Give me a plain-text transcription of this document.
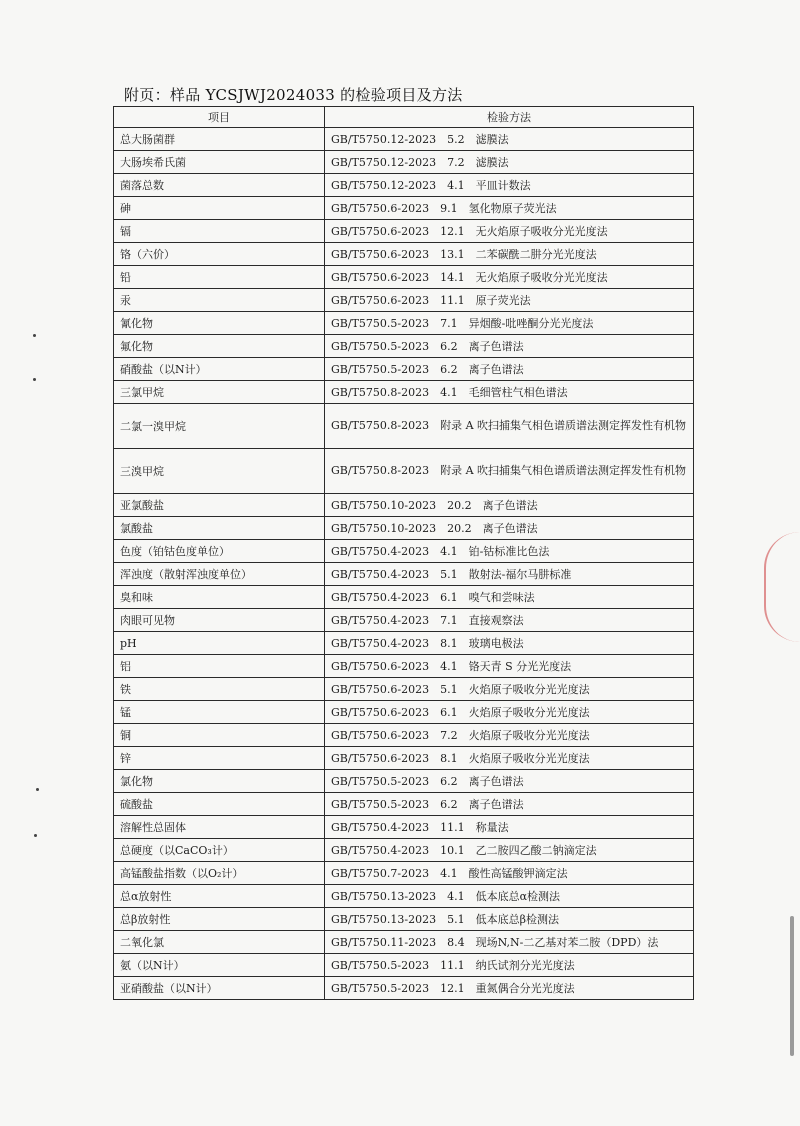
附页：样品 YCSJWJ2024033 的检验项目及方法
项目	检验方法
总大肠菌群	GB/T5750.12-2023　5.2　滤膜法
大肠埃希氏菌	GB/T5750.12-2023　7.2　滤膜法
菌落总数	GB/T5750.12-2023　4.1　平皿计数法
砷	GB/T5750.6-2023　9.1　氢化物原子荧光法
镉	GB/T5750.6-2023　12.1　无火焰原子吸收分光光度法
铬（六价）	GB/T5750.6-2023　13.1　二苯碳酰二肼分光光度法
铅	GB/T5750.6-2023　14.1　无火焰原子吸收分光光度法
汞	GB/T5750.6-2023　11.1　原子荧光法
氰化物	GB/T5750.5-2023　7.1　异烟酸-吡唑酮分光光度法
氟化物	GB/T5750.5-2023　6.2　离子色谱法
硝酸盐（以N计）	GB/T5750.5-2023　6.2　离子色谱法
三氯甲烷	GB/T5750.8-2023　4.1　毛细管柱气相色谱法
二氯一溴甲烷	GB/T5750.8-2023　附录 A 吹扫捕集气相色谱质谱法测定挥发性有机物
三溴甲烷	GB/T5750.8-2023　附录 A 吹扫捕集气相色谱质谱法测定挥发性有机物
亚氯酸盐	GB/T5750.10-2023　20.2　离子色谱法
氯酸盐	GB/T5750.10-2023　20.2　离子色谱法
色度（铂钴色度单位）	GB/T5750.4-2023　4.1　铂-钴标准比色法
浑浊度（散射浑浊度单位）	GB/T5750.4-2023　5.1　散射法-福尔马肼标准
臭和味	GB/T5750.4-2023　6.1　嗅气和尝味法
肉眼可见物	GB/T5750.4-2023　7.1　直接观察法
pH	GB/T5750.4-2023　8.1　玻璃电极法
铝	GB/T5750.6-2023　4.1　铬天青 S 分光光度法
铁	GB/T5750.6-2023　5.1　火焰原子吸收分光光度法
锰	GB/T5750.6-2023　6.1　火焰原子吸收分光光度法
铜	GB/T5750.6-2023　7.2　火焰原子吸收分光光度法
锌	GB/T5750.6-2023　8.1　火焰原子吸收分光光度法
氯化物	GB/T5750.5-2023　6.2　离子色谱法
硫酸盐	GB/T5750.5-2023　6.2　离子色谱法
溶解性总固体	GB/T5750.4-2023　11.1　称量法
总硬度（以CaCO₃计）	GB/T5750.4-2023　10.1　乙二胺四乙酸二钠滴定法
高锰酸盐指数（以O₂计）	GB/T5750.7-2023　4.1　酸性高锰酸钾滴定法
总α放射性	GB/T5750.13-2023　4.1　低本底总α检测法
总β放射性	GB/T5750.13-2023　5.1　低本底总β检测法
二氧化氯	GB/T5750.11-2023　8.4　现场N,N-二乙基对苯二胺（DPD）法
氨（以N计）	GB/T5750.5-2023　11.1　纳氏试剂分光光度法
亚硝酸盐（以N计）	GB/T5750.5-2023　12.1　重氮偶合分光光度法
